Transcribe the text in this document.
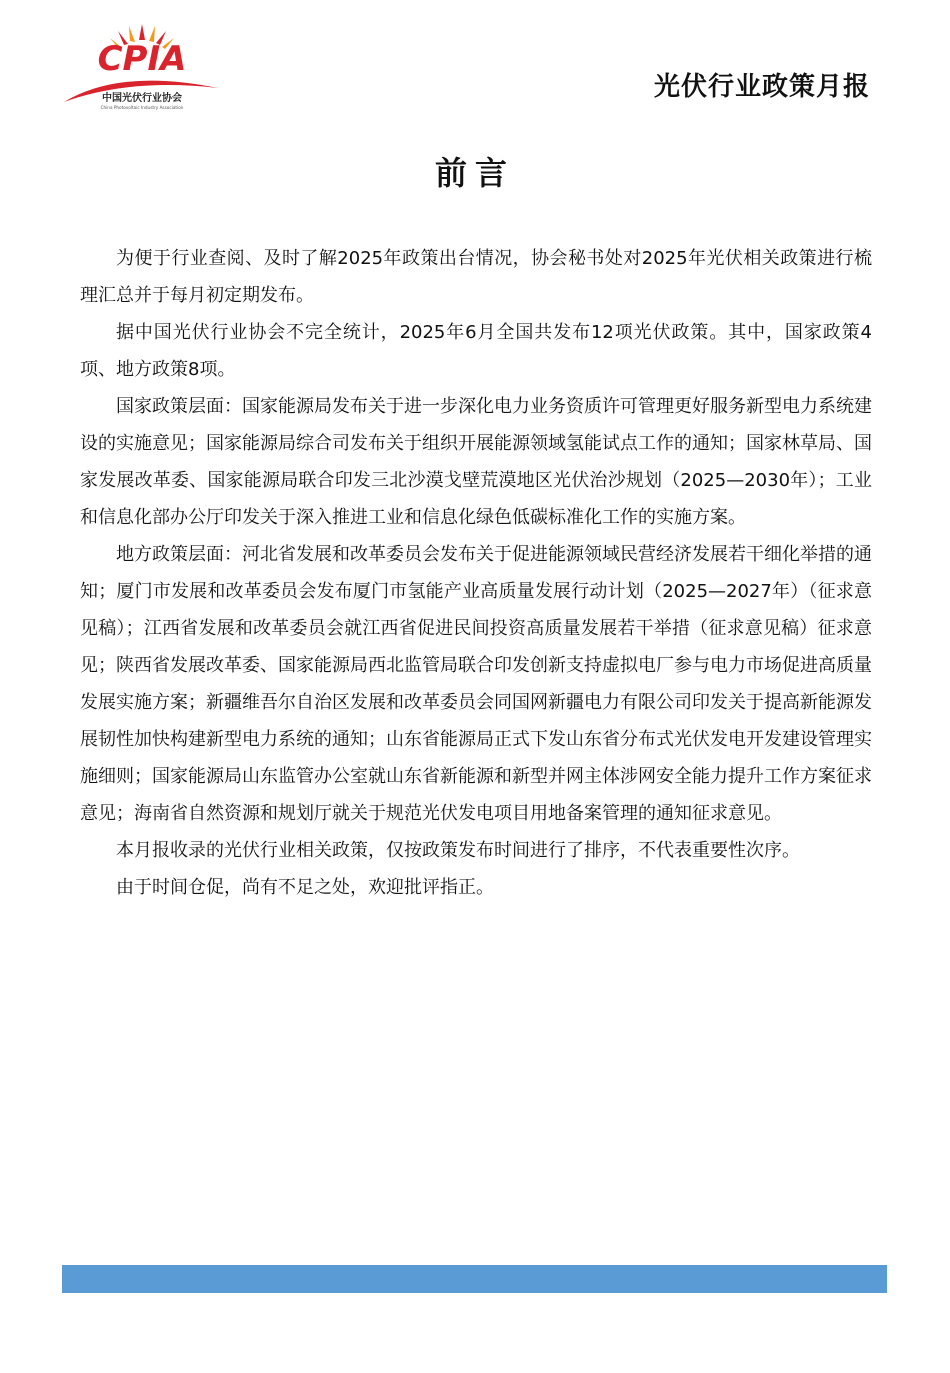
CPIA
中国光伏行业协会
China Photovoltaic Industry Association
光伏行业政策月报
前言

为便于行业查阅、及时了解2025年政策出台情况，协会秘书处对2025年光伏相关政策进行梳理汇总并于每月初定期发布。

据中国光伏行业协会不完全统计，2025年6月全国共发布12项光伏政策。其中，国家政策4项、地方政策8项。

国家政策层面：国家能源局发布关于进一步深化电力业务资质许可管理更好服务新型电力系统建设的实施意见；国家能源局综合司发布关于组织开展能源领域氢能试点工作的通知；国家林草局、国家发展改革委、国家能源局联合印发三北沙漠戈壁荒漠地区光伏治沙规划（2025—2030年）；工业和信息化部办公厅印发关于深入推进工业和信息化绿色低碳标准化工作的实施方案。

地方政策层面：河北省发展和改革委员会发布关于促进能源领域民营经济发展若干细化举措的通知；厦门市发展和改革委员会发布厦门市氢能产业高质量发展行动计划（2025—2027年）（征求意见稿）；江西省发展和改革委员会就江西省促进民间投资高质量发展若干举措（征求意见稿）征求意见；陕西省发展改革委、国家能源局西北监管局联合印发创新支持虚拟电厂参与电力市场促进高质量发展实施方案；新疆维吾尔自治区发展和改革委员会同国网新疆电力有限公司印发关于提高新能源发展韧性加快构建新型电力系统的通知；山东省能源局正式下发山东省分布式光伏发电开发建设管理实施细则；国家能源局山东监管办公室就山东省新能源和新型并网主体涉网安全能力提升工作方案征求意见；海南省自然资源和规划厅就关于规范光伏发电项目用地备案管理的通知征求意见。

本月报收录的光伏行业相关政策，仅按政策发布时间进行了排序，不代表重要性次序。

由于时间仓促，尚有不足之处，欢迎批评指正。
